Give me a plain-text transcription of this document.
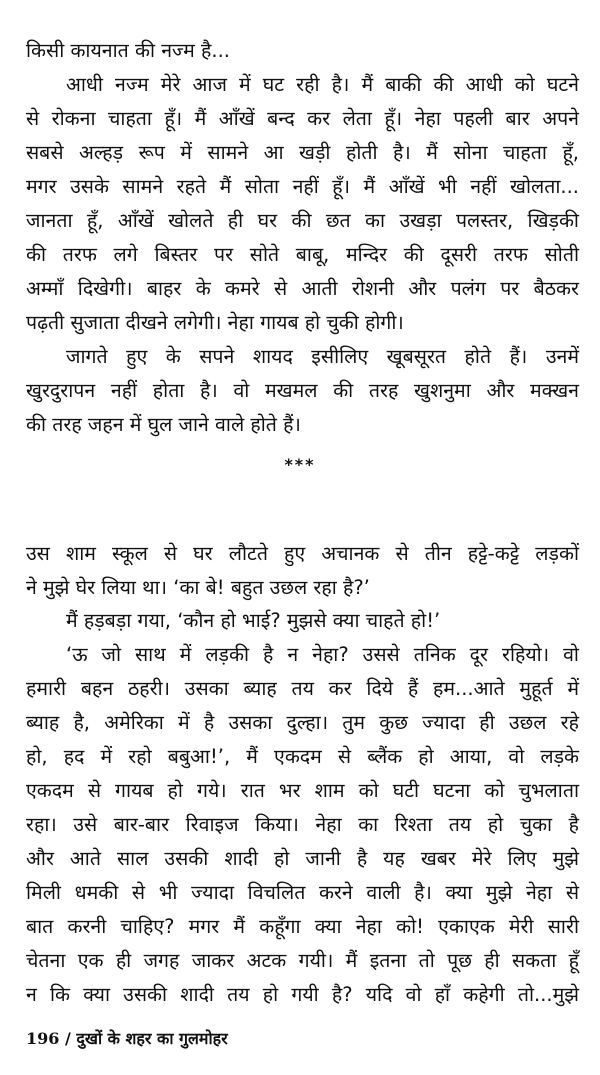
किसी कायनात की नज्म है...
आधी नज्म मेरे आज में घट रही है। मैं बाकी की आधी को घटने
से रोकना चाहता हूँ। मैं आँखें बन्द कर लेता हूँ। नेहा पहली बार अपने
सबसे अल्हड़ रूप में सामने आ खड़ी होती है। मैं सोना चाहता हूँ,
मगर उसके सामने रहते मैं सोता नहीं हूँ। मैं आँखें भी नहीं खोलता...
जानता हूँ, आँखें खोलते ही घर की छत का उखड़ा पलस्तर, खिड़की
की तरफ लगे बिस्तर पर सोते बाबू, मन्दिर की दूसरी तरफ सोती
अम्माँ दिखेगी। बाहर के कमरे से आती रोशनी और पलंग पर बैठकर
पढ़ती सुजाता दीखने लगेगी। नेहा गायब हो चुकी होगी।
जागते हुए के सपने शायद इसीलिए खूबसूरत होते हैं। उनमें
खुरदुरापन नहीं होता है। वो मखमल की तरह खुशनुमा और मक्खन
की तरह जहन में घुल जाने वाले होते हैं।
***
उस शाम स्कूल से घर लौटते हुए अचानक से तीन हट्टे-कट्टे लड़कों
ने मुझे घेर लिया था। ‘का बे! बहुत उछल रहा है?’
मैं हड़बड़ा गया, ‘कौन हो भाई? मुझसे क्या चाहते हो!’
‘ऊ जो साथ में लड़की है न नेहा? उससे तनिक दूर रहियो। वो
हमारी बहन ठहरी। उसका ब्याह तय कर दिये हैं हम...आते मुहूर्त में
ब्याह है, अमेरिका में है उसका दुल्हा। तुम कुछ ज्यादा ही उछल रहे
हो, हद में रहो बबुआ!’, मैं एकदम से ब्लैंक हो आया, वो लड़के
एकदम से गायब हो गये। रात भर शाम को घटी घटना को चुभलाता
रहा। उसे बार-बार रिवाइज किया। नेहा का रिश्ता तय हो चुका है
और आते साल उसकी शादी हो जानी है यह खबर मेरे लिए मुझे
मिली धमकी से भी ज्यादा विचलित करने वाली है। क्या मुझे नेहा से
बात करनी चाहिए? मगर मैं कहूँगा क्या नेहा को! एकाएक मेरी सारी
चेतना एक ही जगह जाकर अटक गयी। मैं इतना तो पूछ ही सकता हूँ
न कि क्या उसकी शादी तय हो गयी है? यदि वो हाँ कहेगी तो...मुझे
196 / दुखों के शहर का गुलमोहर
